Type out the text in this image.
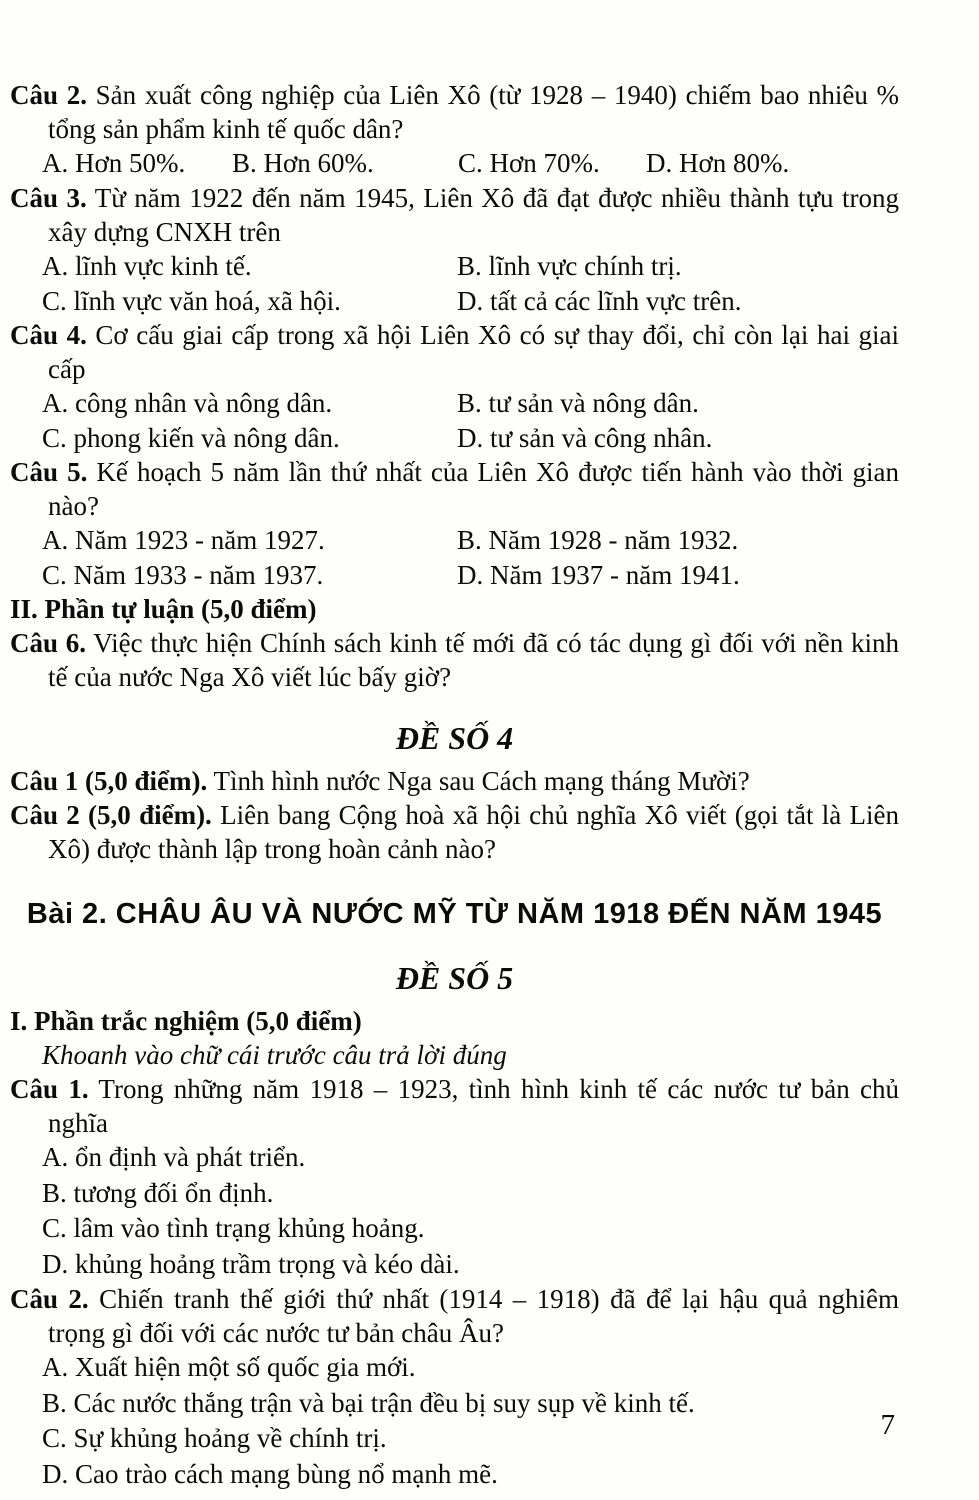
Câu 2. Sản xuất công nghiệp của Liên Xô (từ 1928 – 1940) chiếm bao nhiêu % tổng sản phẩm kinh tế quốc dân?

A. Hơn 50%.	B. Hơn 60%.	C. Hơn 70%.	D. Hơn 80%.

Câu 3. Từ năm 1922 đến năm 1945, Liên Xô đã đạt được nhiều thành tựu trong xây dựng CNXH trên

A. lĩnh vực kinh tế.	B. lĩnh vực chính trị.
C. lĩnh vực văn hoá, xã hội.	D. tất cả các lĩnh vực trên.

Câu 4. Cơ cấu giai cấp trong xã hội Liên Xô có sự thay đổi, chỉ còn lại hai giai cấp

A. công nhân và nông dân.	B. tư sản và nông dân.
C. phong kiến và nông dân.	D. tư sản và công nhân.

Câu 5. Kế hoạch 5 năm lần thứ nhất của Liên Xô được tiến hành vào thời gian nào?

A. Năm 1923 - năm 1927.	B. Năm 1928 - năm 1932.
C. Năm 1933 - năm 1937.	D. Năm 1937 - năm 1941.

II. Phần tự luận (5,0 điểm)

Câu 6. Việc thực hiện Chính sách kinh tế mới đã có tác dụng gì đối với nền kinh tế của nước Nga Xô viết lúc bấy giờ?

ĐỀ SỐ 4

Câu 1 (5,0 điểm). Tình hình nước Nga sau Cách mạng tháng Mười?

Câu 2 (5,0 điểm). Liên bang Cộng hoà xã hội chủ nghĩa Xô viết (gọi tắt là Liên Xô) được thành lập trong hoàn cảnh nào?

Bài 2. CHÂU ÂU VÀ NƯỚC MỸ TỪ NĂM 1918 ĐẾN NĂM 1945
ĐỀ SỐ 5

I. Phần trắc nghiệm (5,0 điểm)

Khoanh vào chữ cái trước câu trả lời đúng

Câu 1. Trong những năm 1918 – 1923, tình hình kinh tế các nước tư bản chủ nghĩa

A. ổn định và phát triển.
B. tương đối ổn định.
C. lâm vào tình trạng khủng hoảng.
D. khủng hoảng trầm trọng và kéo dài.

Câu 2. Chiến tranh thế giới thứ nhất (1914 – 1918) đã để lại hậu quả nghiêm trọng gì đối với các nước tư bản châu Âu?

A. Xuất hiện một số quốc gia mới.
B. Các nước thắng trận và bại trận đều bị suy sụp về kinh tế.
C. Sự khủng hoảng về chính trị.
D. Cao trào cách mạng bùng nổ mạnh mẽ.
7
